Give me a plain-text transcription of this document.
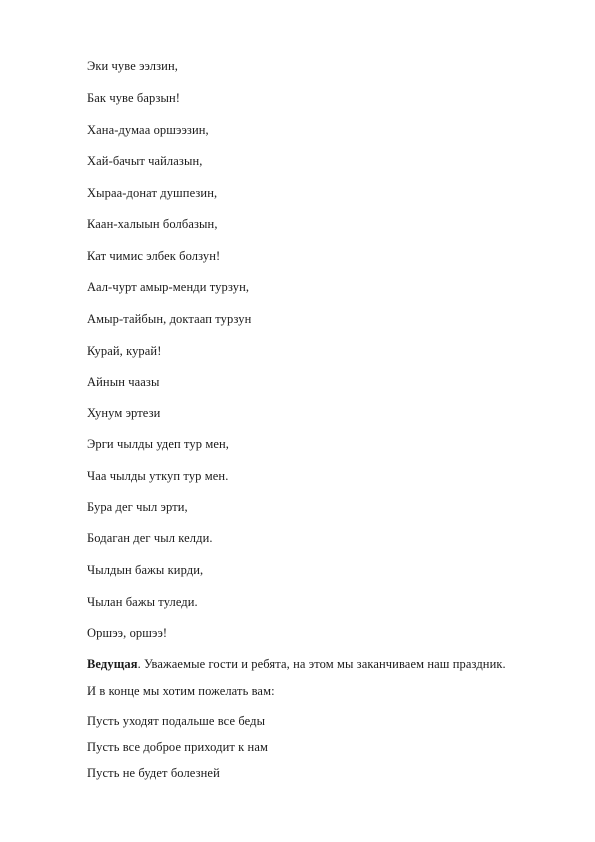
Эки чуве ээлзин,
Бак чуве барзын!
Хана-думаа оршээзин,
Хай-бачыт чайлазын,
Хыраа-донат душпезин,
Каан-халыын болбазын,
Кат чимис элбек болзун!
Аал-чурт амыр-менди турзун,
Амыр-тайбын, доктаап турзун
Курай, курай!
Айнын чаазы
Хунум эртези
Эрги чылды удеп тур мен,
Чаа чылды уткуп тур мен.
Бура дег чыл эрти,
Бодаган дег чыл келди.
Чылдын бажы кирди,
Чылан бажы туледи.
Оршээ, оршээ!
Ведущая. Уважаемые гости и ребята, на этом мы заканчиваем наш праздник.
И в конце мы хотим пожелать вам:
Пусть уходят подальше все беды
Пусть все доброе приходит к нам
Пусть не будет болезней
